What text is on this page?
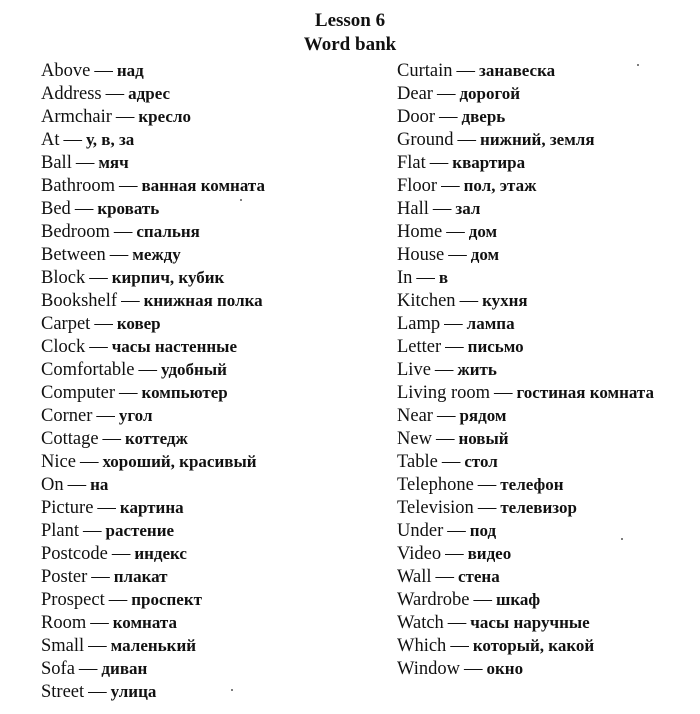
Lesson 6
Word bank
Above — над
Address — адрес
Armchair — кресло
At — у, в, за
Ball — мяч
Bathroom — ванная комната
Bed — кровать
Bedroom — спальня
Between — между
Block — кирпич, кубик
Bookshelf — книжная полка
Carpet — ковер
Clock — часы настенные
Comfortable — удобный
Computer — компьютер
Corner — угол
Cottage — коттедж
Nice — хороший, красивый
On — на
Picture — картина
Plant — растение
Postcode — индекс
Poster — плакат
Prospect — проспект
Room — комната
Small — маленький
Sofa — диван
Street — улица
Curtain — занавеска
Dear — дорогой
Door — дверь
Ground — нижний, земля
Flat — квартира
Floor — пол, этаж
Hall — зал
Home — дом
House — дом
In — в
Kitchen — кухня
Lamp — лампа
Letter — письмо
Live — жить
Living room — гостиная комната
Near — рядом
New — новый
Table — стол
Telephone — телефон
Television — телевизор
Under — под
Video — видео
Wall — стена
Wardrobe — шкаф
Watch — часы наручные
Which — который, какой
Window — окно
